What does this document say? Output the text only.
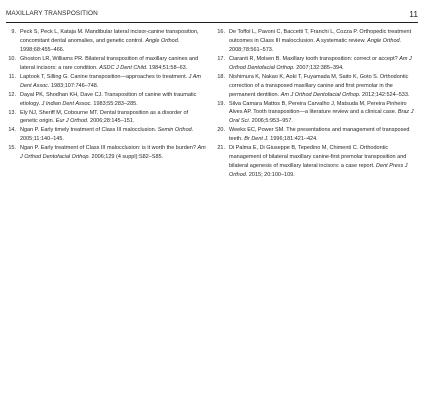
MAXILLARY TRANSPOSITION	11
9. Peck S, Peck L, Kataja M. Mandibular lateral incisor-canine transposition, concomitant dental anomalies, and genetic control. Angle Orthod. 1998;68:455–466.
10. Ghoston LR, Williams PR. Bilateral transposition of maxillary canines and lateral incisors: a rare condition. ASDC J Dent Child. 1984;51:58–63.
11. Laptook T, Silling G. Canine transposition—approaches to treatment. J Am Dent Assoc. 1983;107:746–748.
12. Dayal PK, Shodhan KH, Dave CJ. Transposition of canine with traumatic etiology. J Indian Dent Assoc. 1983;55:283–285.
13. Ely NJ, Sheriff M, Cobourne MT. Dental transposition as a disorder of genetic origin. Eur J Orthod. 2006;28:145–151.
14. Ngan P. Early timely treatment of Class III malocclusion. Semin Orthod. 2005;11:140–145.
15. Ngan P. Early treatment of Class III malocclusion: is it worth the burden? Am J Orthod Dentofacial Orthop. 2006;129 (4 suppl):S82–S85.
16. De Toffol L, Pavoni C, Baccetti T, Franchi L, Cozza P. Orthopedic treatment outcomes in Class III malocclusion. A systematic review. Angle Orthod. 2008;78:561–573.
17. Ciaranti R, Molsen B. Maxillary tooth transposition: correct or accept? Am J Orthod Dentofacial Orthop. 2007;132:385–394.
18. Nishimura K, Nakao K, Aoki T, Fuyamada M, Saito K, Goto S. Orthodontic correction of a transposed maxillary canine and first premolar in the permanent dentition. Am J Orthod Dentofacial Orthop. 2012;142:524–533.
19. Silva Camara Mattos B, Pereira Carvalho J, Matsuda M, Pereira Pinheiro Alves AP. Tooth transposition—a literature review and a clinical case. Braz J Oral Sci. 2006;5:953–957.
20. Weeks EC, Power SM. The presentations and management of transposed teeth. Br Dent J. 1996;181:421–424.
21. Di Palma E, Di Giuseppe B, Tepedino M, Chimenti C. Orthodontic management of bilateral maxillary canine-first premolar transposition and bilateral agenesis of maxillary lateral incisors: a case report. Dent Press J Orthod. 2015; 20:100–109.
